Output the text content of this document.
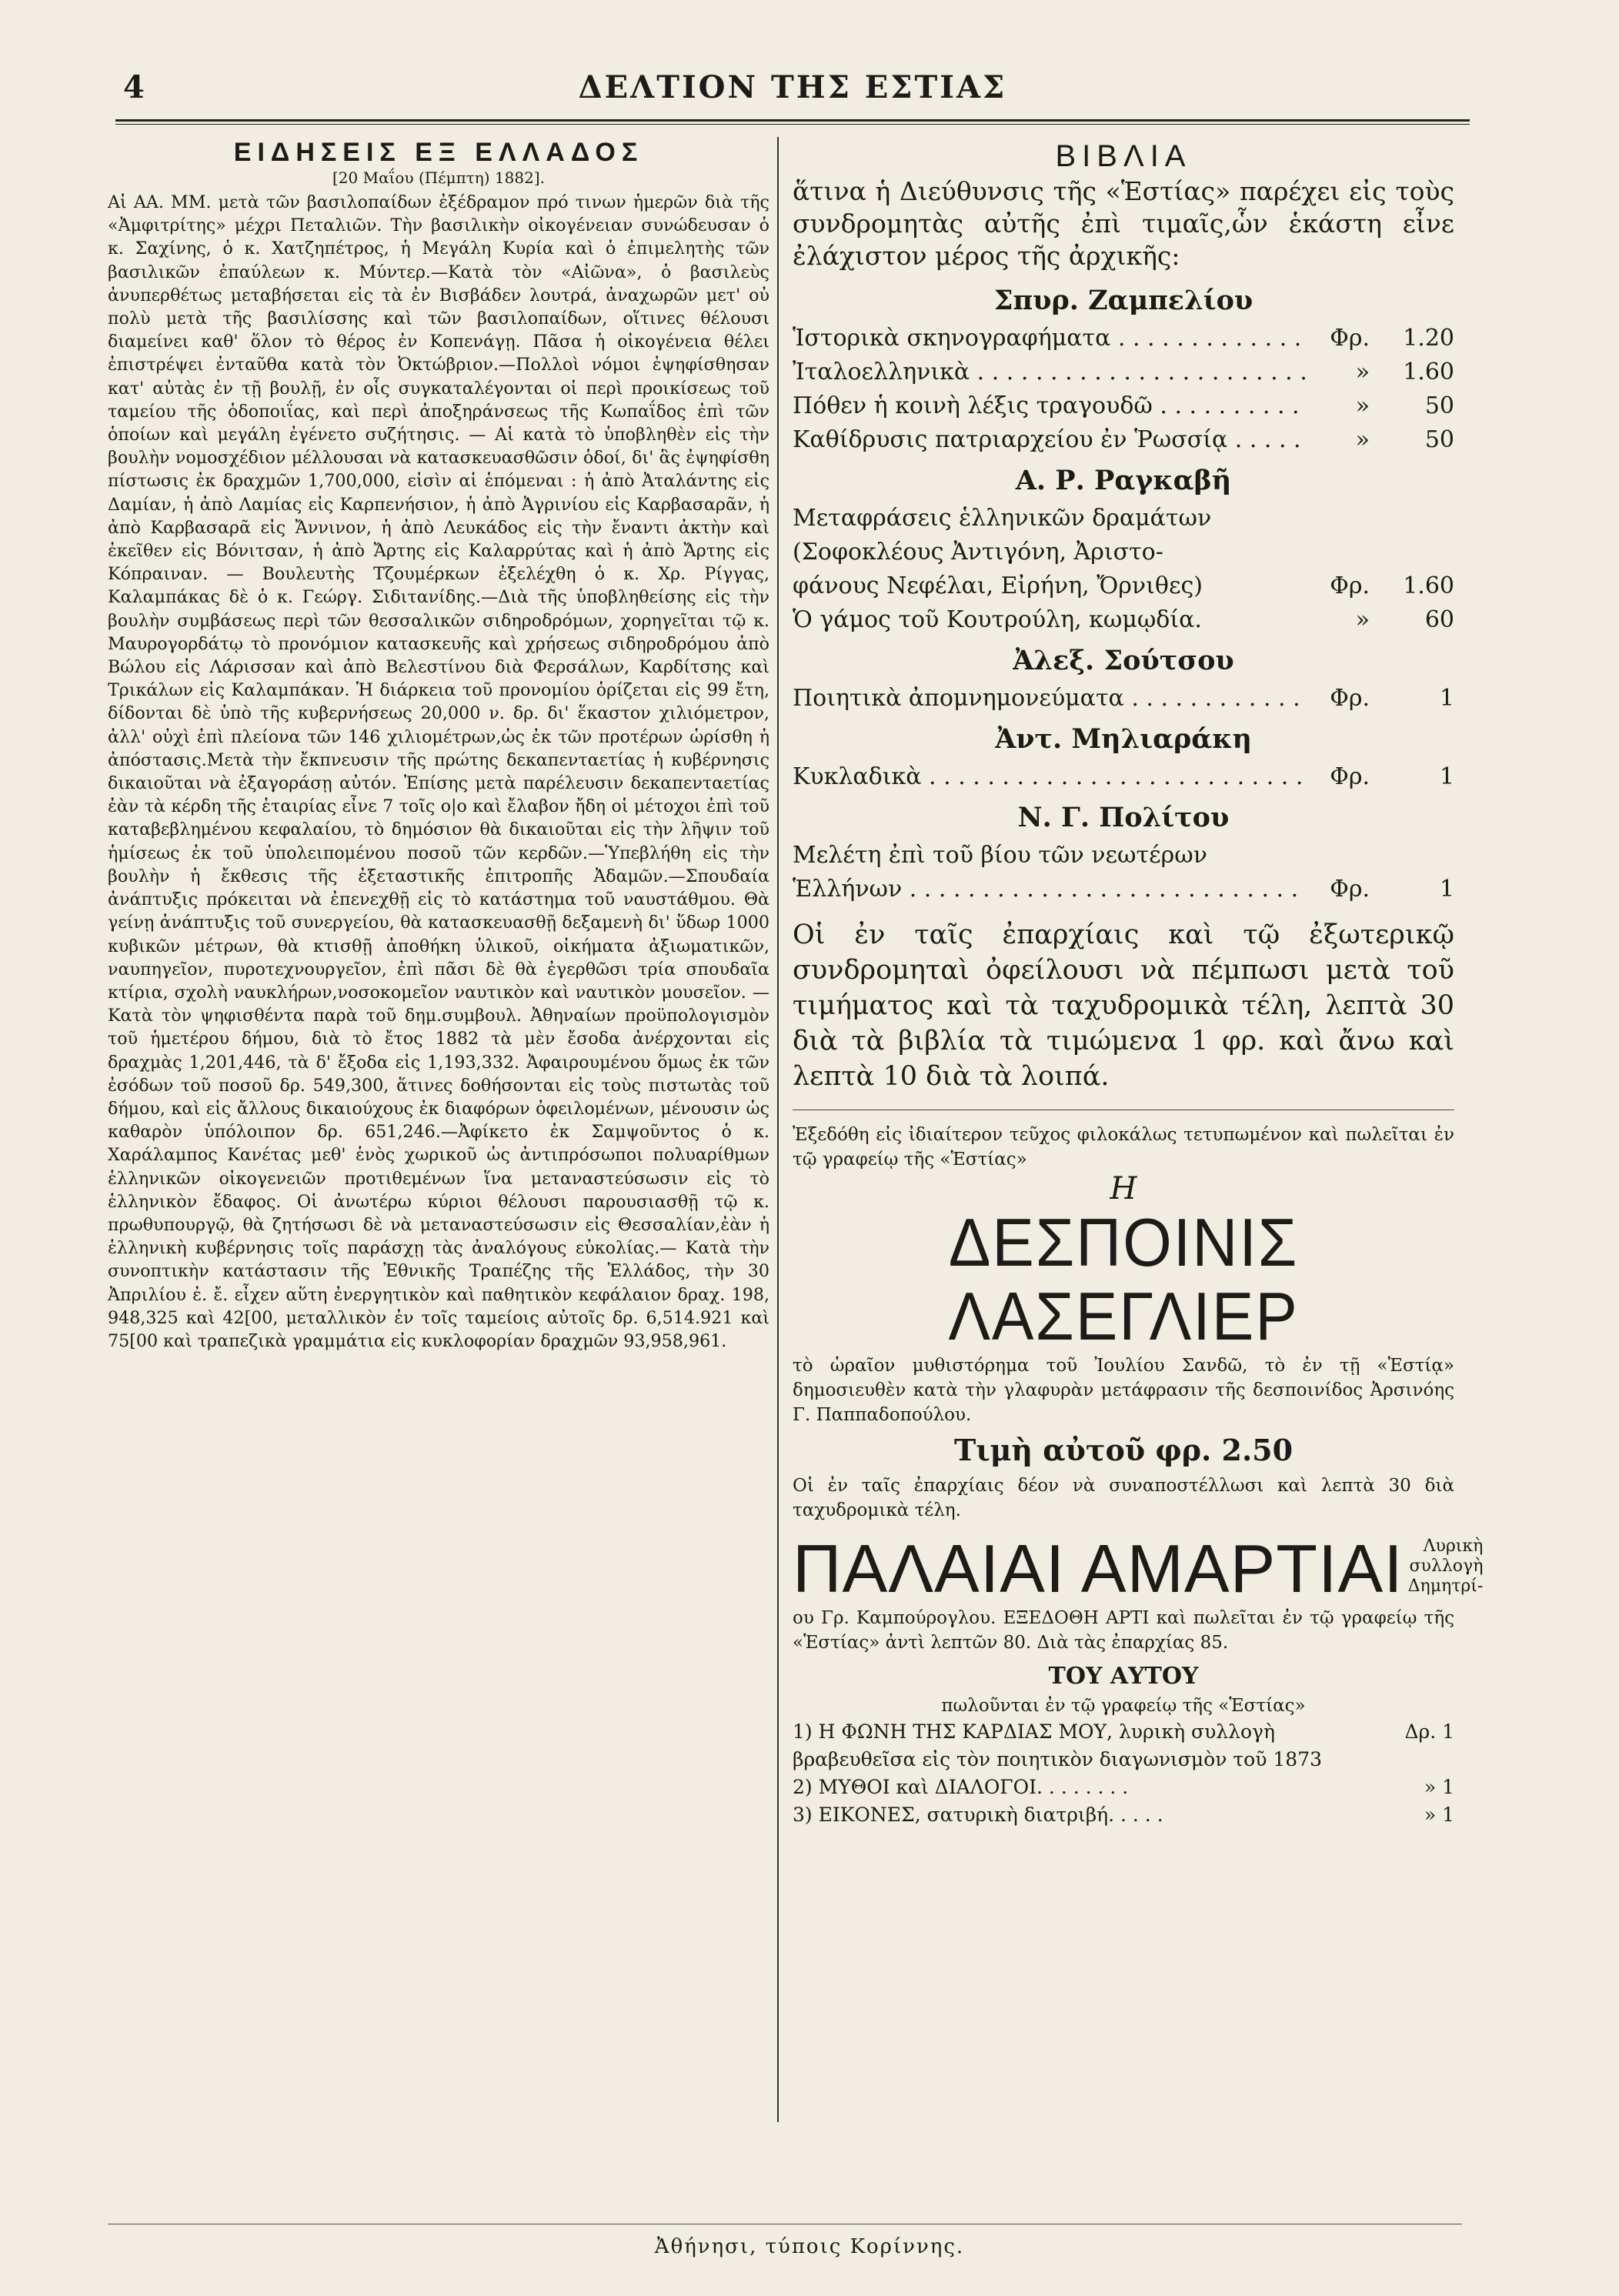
4	ΔΕΛΤΙΟΝ ΤΗΣ ΕΣΤΙΑΣ
ΕΙΔΗΣΕΙΣ ΕΞ ΕΛΛΑΔΟΣ
[20 Μαΐου (Πέμπτη) 1882].

Αἱ ΑΑ. ΜΜ. μετὰ τῶν βασιλοπαίδων ἐξέδραμον πρό τινων ἡμερῶν διὰ τῆς «Ἀμφιτρίτης» μέχρι Πεταλιῶν. Τὴν βασιλικὴν οἰκογένειαν συνώδευσαν ὁ κ. Σαχίνης, ὁ κ. Χατζηπέτρος, ἡ Μεγάλη Κυρία καὶ ὁ ἐπιμελητὴς τῶν βασιλικῶν ἐπαύλεων κ. Μύντερ.—Κατὰ τὸν «Αἰῶνα», ὁ βασιλεὺς ἀνυπερθέτως μεταβήσεται εἰς τὰ ἐν Βισβάδεν λουτρά, ἀναχωρῶν μετ' οὐ πολὺ μετὰ τῆς βασιλίσσης καὶ τῶν βασιλοπαίδων, οἵτινες θέλουσι διαμείνει καθ' ὅλον τὸ θέρος ἐν Κοπενάγῃ. Πᾶσα ἡ οἰκογένεια θέλει ἐπιστρέψει ἐνταῦθα κατὰ τὸν Ὀκτώβριον.—Πολλοὶ νόμοι ἐψηφίσθησαν κατ' αὐτὰς ἐν τῇ βουλῇ, ἐν οἷς συγκαταλέγονται οἱ περὶ προικίσεως τοῦ ταμείου τῆς ὁδοποιΐας, καὶ περὶ ἀποξηράνσεως τῆς Κωπαΐδος ἐπὶ τῶν ὁποίων καὶ μεγάλη ἐγένετο συζήτησις. — Αἱ κατὰ τὸ ὑποβληθὲν εἰς τὴν βουλὴν νομοσχέδιον μέλλουσαι νὰ κατασκευασθῶσιν ὁδοί, δι' ἃς ἐψηφίσθη πίστωσις ἐκ δραχμῶν 1,700,000, εἰσὶν αἱ ἑπόμεναι : ἡ ἀπὸ Ἀταλάντης εἰς Δαμίαν, ἡ ἀπὸ Λαμίας εἰς Καρπενήσιον, ἡ ἀπὸ Ἀγρινίου εἰς Καρβασαρᾶν, ἡ ἀπὸ Καρβασαρᾶ εἰς Ἄννινον, ἡ ἀπὸ Λευκάδος εἰς τὴν ἔναντι ἀκτὴν καὶ ἐκεῖθεν εἰς Βόνιτσαν, ἡ ἀπὸ Ἄρτης εἰς Καλαρρύτας καὶ ἡ ἀπὸ Ἄρτης εἰς Κόπραιναν. — Βουλευτὴς Τζουμέρκων ἐξελέχθη ὁ κ. Χρ. Ρίγγας, Καλαμπάκας δὲ ὁ κ. Γεώργ. Σιδιτανίδης.—Διὰ τῆς ὑποβληθείσης εἰς τὴν βουλὴν συμβάσεως περὶ τῶν θεσσαλικῶν σιδηροδρόμων, χορηγεῖται τῷ κ. Μαυρογορδάτῳ τὸ προνόμιον κατασκευῆς καὶ χρήσεως σιδηροδρόμου ἀπὸ Βώλου εἰς Λάρισσαν καὶ ἀπὸ Βελεστίνου διὰ Φερσάλων, Καρδίτσης καὶ Τρικάλων εἰς Καλαμπάκαν. Ἡ διάρκεια τοῦ προνομίου ὁρίζεται εἰς 99 ἔτη, δίδονται δὲ ὑπὸ τῆς κυβερνήσεως 20,000 ν. δρ. δι' ἕκαστον χιλιόμετρον, ἀλλ' οὐχὶ ἐπὶ πλείονα τῶν 146 χιλιομέτρων,ὡς ἐκ τῶν προτέρων ὡρίσθη ἡ ἀπόστασις.Μετὰ τὴν ἔκπνευσιν τῆς πρώτης δεκαπενταετίας ἡ κυβέρνησις δικαιοῦται νὰ ἐξαγοράσῃ αὐτόν. Ἐπίσης μετὰ παρέλευσιν δεκαπενταετίας ἐὰν τὰ κέρδη τῆς ἑταιρίας εἶνε 7 τοῖς ο|ο καὶ ἔλαβον ἤδη οἱ μέτοχοι ἐπὶ τοῦ καταβεβλημένου κεφαλαίου, τὸ δημόσιον θὰ δικαιοῦται εἰς τὴν λῆψιν τοῦ ἡμίσεως ἐκ τοῦ ὑπολειπομένου ποσοῦ τῶν κερδῶν.—Ὑπεβλήθη εἰς τὴν βουλὴν ἡ ἔκθεσις τῆς ἐξεταστικῆς ἐπιτροπῆς Ἀδαμῶν.—Σπουδαία ἀνάπτυξις πρόκειται νὰ ἐπενεχθῇ εἰς τὸ κατάστημα τοῦ ναυστάθμου. Θὰ γείνῃ ἀνάπτυξις τοῦ συνεργείου, θὰ κατασκευασθῇ δεξαμενὴ δι' ὕδωρ 1000 κυβικῶν μέτρων, θὰ κτισθῇ ἀποθήκη ὑλικοῦ, οἰκήματα ἀξιωματικῶν, ναυπηγεῖον, πυροτεχνουργεῖον, ἐπὶ πᾶσι δὲ θὰ ἐγερθῶσι τρία σπουδαῖα κτίρια, σχολὴ ναυκλήρων,νοσοκομεῖον ναυτικὸν καὶ ναυτικὸν μουσεῖον. —Κατὰ τὸν ψηφισθέντα παρὰ τοῦ δημ.συμβουλ. Ἀθηναίων προϋπολογισμὸν τοῦ ἡμετέρου δήμου, διὰ τὸ ἔτος 1882 τὰ μὲν ἔσοδα ἀνέρχονται εἰς δραχμὰς 1,201,446, τὰ δ' ἔξοδα εἰς 1,193,332. Ἀφαιρουμένου ὅμως ἐκ τῶν ἐσόδων τοῦ ποσοῦ δρ. 549,300, ἅτινες δοθήσονται εἰς τοὺς πιστωτὰς τοῦ δήμου, καὶ εἰς ἄλλους δικαιούχους ἐκ διαφόρων ὀφειλομένων, μένουσιν ὡς καθαρὸν ὑπόλοιπον δρ. 651,246.—Ἀφίκετο ἐκ Σαμψοῦντος ὁ κ. Χαράλαμπος Κανέτας μεθ' ἑνὸς χωρικοῦ ὡς ἀντιπρόσωποι πολυαρίθμων ἑλληνικῶν οἰκογενειῶν προτιθεμένων ἵνα μεταναστεύσωσιν εἰς τὸ ἑλληνικὸν ἔδαφος. Οἱ ἀνωτέρω κύριοι θέλουσι παρουσιασθῇ τῷ κ. πρωθυπουργῷ, θὰ ζητήσωσι δὲ νὰ μεταναστεύσωσιν εἰς Θεσσαλίαν,ἐὰν ἡ ἑλληνικὴ κυβέρνησις τοῖς παράσχῃ τὰς ἀναλόγους εὐκολίας.— Κατὰ τὴν συνοπτικὴν κατάστασιν τῆς Ἐθνικῆς Τραπέζης τῆς Ἑλλάδος, τὴν 30 Ἀπριλίου ἐ. ἔ. εἶχεν αὕτη ἐνεργητικὸν καὶ παθητικὸν κεφάλαιον δραχ. 198, 948,325 καὶ 42[00, μεταλλικὸν ἐν τοῖς ταμείοις αὐτοῖς δρ. 6,514.921 καὶ 75[00 καὶ τραπεζικὰ γραμμάτια εἰς κυκλοφορίαν δραχμῶν 93,958,961.

ΒΙΒΛΙΑ
ἅτινα ἡ Διεύθυνσις τῆς «Ἑστίας» παρέχει εἰς τοὺς συνδρομητὰς αὐτῆς ἐπὶ τιμαῖς,ὧν ἑκάστη εἶνε ἐλάχιστον μέρος τῆς ἀρχικῆς:
Σπυρ. Ζαμπελίου
Ἱστορικὰ σκηνογραφήματα . . .	Φρ.	1.20
Ἰταλοελληνικὰ . . .	»	1.60
Πόθεν ἡ κοινὴ λέξις τραγουδῶ . . .	»	50
Καθίδρυσις πατριαρχείου ἐν Ῥωσσίᾳ . . .	»	50
Α. Ρ. Ραγκαβῆ
Μεταφράσεις ἑλληνικῶν δραμάτων
(Σοφοκλέους Ἀντιγόνη, Ἀριστο-
φάνους Νεφέλαι, Εἰρήνη, Ὄρνιθες)	Φρ.	1.60
Ὁ γάμος τοῦ Κουτρούλη, κωμῳδία.	»	60
Ἀλεξ. Σούτσου
Ποιητικὰ ἀπομνημονεύματα . . .	Φρ.	1
Ἀντ. Μηλιαράκη
Κυκλαδικὰ . . .	Φρ.	1
Ν. Γ. Πολίτου
Μελέτη ἐπὶ τοῦ βίου τῶν νεωτέρων
Ἑλλήνων . . .	Φρ.	1
Οἱ ἐν ταῖς ἐπαρχίαις καὶ τῷ ἐξωτερικῷ συνδρομηταὶ ὀφείλουσι νὰ πέμπωσι μετὰ τοῦ τιμήματος καὶ τὰ ταχυδρομικὰ τέλη, λεπτὰ 30 διὰ τὰ βιβλία τὰ τιμώμενα 1 φρ. καὶ ἄνω καὶ λεπτὰ 10 διὰ τὰ λοιπά.
Ἐξεδόθη εἰς ἰδιαίτερον τεῦχος φιλοκάλως τετυπωμένον καὶ πωλεῖται ἐν τῷ γραφείῳ τῆς «Ἑστίας»
Η
ΔΕΣΠΟΙΝΙΣ ΛΑΣΕΓΛΙΕΡ
τὸ ὡραῖον μυθιστόρημα τοῦ Ἰουλίου Σανδῶ, τὸ ἐν τῇ «Ἑστίᾳ» δημοσιευθὲν κατὰ τὴν γλαφυρὰν μετάφρασιν τῆς δεσποινίδος Ἀρσινόης Γ. Παππαδοπούλου.
Τιμὴ αὐτοῦ φρ. 2.50
Οἱ ἐν ταῖς ἐπαρχίαις δέον νὰ συναποστέλλωσι καὶ λεπτὰ 30 διὰ ταχυδρομικὰ τέλη.
ΠΑΛΑΙΑΙ ΑΜΑΡΤΙΑΙ	Λυρικὴ
συλλογὴ
Δημητρί-
ου Γρ. Καμπούρογλου. ΕΞΕΔΟΘΗ ΑΡΤΙ καὶ πωλεῖται ἐν τῷ γραφείῳ τῆς «Ἑστίας» ἀντὶ λεπτῶν 80. Διὰ τὰς ἐπαρχίας 85.
ΤΟΥ ΑΥΤΟΥ
πωλοῦνται ἐν τῷ γραφείῳ τῆς «Ἑστίας»
1) Η ΦΩΝΗ ΤΗΣ ΚΑΡΔΙΑΣ ΜΟΥ, λυρικὴ συλλογὴ βραβευθεῖσα εἰς τὸν ποιητικὸν διαγωνισμὸν τοῦ 1873
Δρ. 1
2) ΜΥΘΟΙ καὶ ΔΙΑΛΟΓΟΙ. . . . . . . .	» 1
3) ΕΙΚΟΝΕΣ, σατυρικὴ διατριβή. . . . .	» 1
Ἀθήνησι, τύποις Κορίννης.
